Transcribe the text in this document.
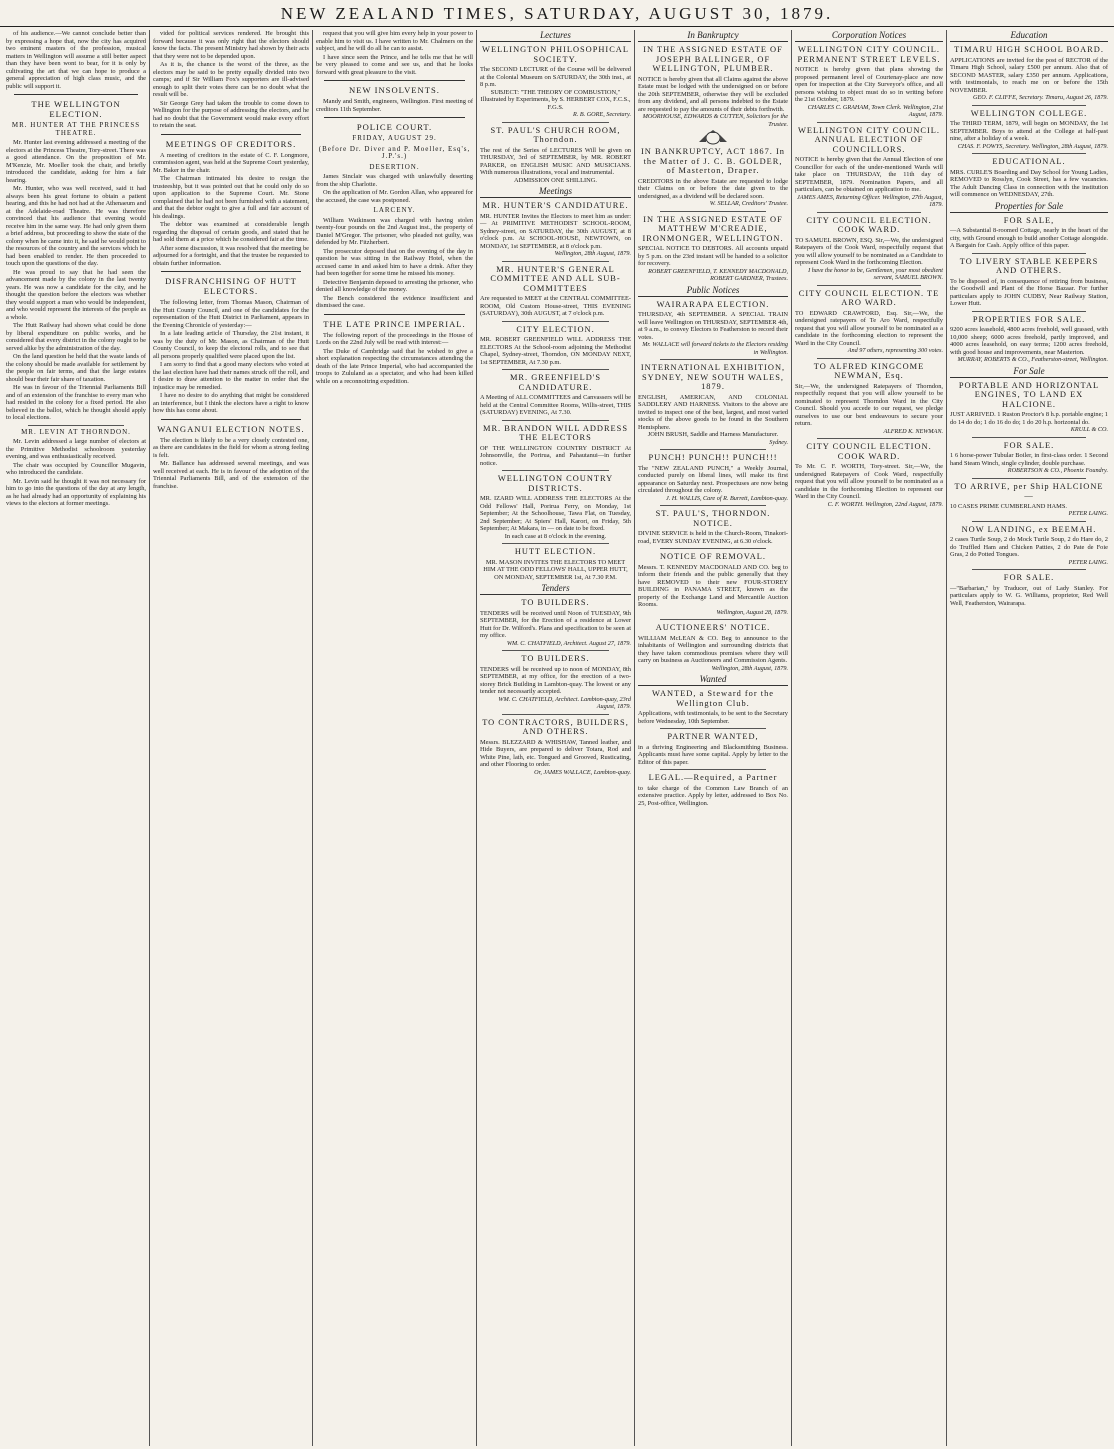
NEW ZEALAND TIMES, SATURDAY, AUGUST 30, 1879.

of his audience.—We cannot conclude better than by expressing a hope that, now the city has acquired two eminent masters of the profession, musical matters in Wellington will assume a still better aspect than they have been wont to bear, for it is only by cultivating the art that we can hope to produce a general appreciation of high class music, and the public will support it.

THE WELLINGTON ELECTION.
MR. HUNTER AT THE PRINCESS THEATRE.

Mr. Hunter last evening addressed a meeting of the electors at the Princess Theatre, Tory-street. There was a good attendance. On the proposition of Mr. M'Kenzie, Mr. Moeller took the chair, and briefly introduced the candidate, asking for him a fair hearing.

Mr. Hunter, who was well received, said it had always been his great fortune to obtain a patient hearing, and this he had not had at the Athenaeum and at the Adelaide-road Theatre. He was therefore convinced that his audience that evening would receive him in the same way. He had only given them a brief address, but proceeding to show the state of the colony when he came into it, he said he would point to the resources of the country and the services which he had been enabled to render. He then proceeded to touch upon the questions of the day.

He was proud to say that he had seen the advancement made by the colony in the last twenty years. He was now a candidate for the city, and he thought the question before the electors was whether they would support a man who would be independent, and who would represent the interests of the people as a whole.

The Hutt Railway had shown what could be done by liberal expenditure on public works, and he considered that every district in the colony ought to be served alike by the administration of the day.

On the land question he held that the waste lands of the colony should be made available for settlement by the people on fair terms, and that the large estates should bear their fair share of taxation.

He was in favour of the Triennial Parliaments Bill and of an extension of the franchise to every man who had resided in the colony for a fixed period. He also believed in the ballot, which he thought should apply to local elections.

MR. LEVIN AT THORNDON.

Mr. Levin addressed a large number of electors at the Primitive Methodist schoolroom yesterday evening, and was enthusiastically received.

The chair was occupied by Councillor Mugavin, who introduced the candidate.

Mr. Levin said he thought it was not necessary for him to go into the questions of the day at any length, as he had already had an opportunity of explaining his views to the electors at former meetings.

vided for political services rendered. He brought this forward because it was only right that the electors should know the facts. The present Ministry had shown by their acts that they were not to be depended upon.

As it is, the chance is the worst of the three, as the electors may be said to be pretty equally divided into two camps; and if Sir William Fox's supporters are ill-advised enough to split their votes there can be no doubt what the result will be.

Sir George Grey had taken the trouble to come down to Wellington for the purpose of addressing the electors, and he had no doubt that the Government would make every effort to retain the seat.

MEETINGS OF CREDITORS.

A meeting of creditors in the estate of C. F. Longmore, commission agent, was held at the Supreme Court yesterday, Mr. Baker in the chair.

The Chairman intimated his desire to resign the trusteeship, but it was pointed out that he could only do so upon application to the Supreme Court. Mr. Stone complained that he had not been furnished with a statement, and that the debtor ought to give a full and fair account of his dealings.

The debtor was examined at considerable length regarding the disposal of certain goods, and stated that he had sold them at a price which he considered fair at the time.

After some discussion, it was resolved that the meeting be adjourned for a fortnight, and that the trustee be requested to obtain further information.

DISFRANCHISING OF HUTT ELECTORS.

The following letter, from Thomas Mason, Chairman of the Hutt County Council, and one of the candidates for the representation of the Hutt District in Parliament, appears in the Evening Chronicle of yesterday:—

In a late leading article of Thursday, the 21st instant, it was by the duty of Mr. Mason, as Chairman of the Hutt County Council, to keep the electoral rolls, and to see that all persons properly qualified were placed upon the list.

I am sorry to find that a good many electors who voted at the last election have had their names struck off the roll, and I desire to draw attention to the matter in order that the injustice may be remedied.

I have no desire to do anything that might be considered an interference, but I think the electors have a right to know how this has come about.

WANGANUI ELECTION NOTES.

The election is likely to be a very closely contested one, as there are candidates in the field for whom a strong feeling is felt.

Mr. Ballance has addressed several meetings, and was well received at each. He is in favour of the adoption of the Triennial Parliaments Bill, and of the extension of the franchise.

request that you will give him every help in your power to enable him to visit us. I have written to Mr. Chalmers on the subject, and he will do all he can to assist.

I have since seen the Prince, and he tells me that he will be very pleased to come and see us, and that he looks forward with great pleasure to the visit.

NEW INSOLVENTS.

Mandy and Smith, engineers, Wellington. First meeting of creditors 11th September.

POLICE COURT.
FRIDAY, AUGUST 29.
(Before Dr. Diver and P. Moeller, Esq's, J.P.'s.)
DESERTION.

James Sinclair was charged with unlawfully deserting from the ship Charlotte.

On the application of Mr. Gordon Allan, who appeared for the accused, the case was postponed.

LARCENY.

William Watkinson was charged with having stolen twenty-four pounds on the 2nd August inst., the property of Daniel M'Gregor. The prisoner, who pleaded not guilty, was defended by Mr. Fitzherbert.

The prosecutor deposed that on the evening of the day in question he was sitting in the Railway Hotel, when the accused came in and asked him to have a drink. After they had been together for some time he missed his money.

Detective Benjamin deposed to arresting the prisoner, who denied all knowledge of the money.

The Bench considered the evidence insufficient and dismissed the case.

THE LATE PRINCE IMPERIAL.

The following report of the proceedings in the House of Lords on the 22nd July will be read with interest:—

The Duke of Cambridge said that he wished to give a short explanation respecting the circumstances attending the death of the late Prince Imperial, who had accompanied the troops to Zululand as a spectator, and who had been killed while on a reconnoitring expedition.

Lectures
WELLINGTON PHILOSOPHICAL SOCIETY.
The SECOND LECTURE of the Course will be delivered at the Colonial Museum on SATURDAY, the 30th inst., at 8 p.m.
SUBJECT: "THE THEORY OF COMBUSTION," Illustrated by Experiments, by S. HERBERT COX, F.C.S., F.G.S.
R. B. GORE, Secretary.
ST. PAUL'S CHURCH ROOM, Thorndon.
The rest of the Series of LECTURES Will be given on THURSDAY, 3rd of SEPTEMBER, by MR. ROBERT PARKER, on ENGLISH MUSIC AND MUSICIANS. With numerous illustrations, vocal and instrumental.
ADMISSION ONE SHILLING.
Meetings
MR. HUNTER'S CANDIDATURE.
MR. HUNTER Invites the Electors to meet him as under:— At PRIMITIVE METHODIST SCHOOL-ROOM, Sydney-street, on SATURDAY, the 30th AUGUST, at 8 o'clock p.m. At SCHOOL-HOUSE, NEWTOWN, on MONDAY, 1st SEPTEMBER, at 8 o'clock p.m.
Wellington, 28th August, 1879.
MR. HUNTER'S GENERAL COMMITTEE AND ALL SUB-COMMITTEES
Are requested to MEET at the CENTRAL COMMITTEE-ROOM, Old Custom House-street, THIS EVENING (SATURDAY), 30th AUGUST, at 7 o'clock p.m.
CITY ELECTION.
MR. ROBERT GREENFIELD WILL ADDRESS THE ELECTORS At the School-room adjoining the Methodist Chapel, Sydney-street, Thorndon, ON MONDAY NEXT, 1st SEPTEMBER, At 7.30 p.m.
MR. GREENFIELD'S CANDIDATURE.
A Meeting of ALL COMMITTEES and Canvassers will be held at the Central Committee Rooms, Willis-street, THIS (SATURDAY) EVENING, At 7.30.
MR. BRANDON WILL ADDRESS THE ELECTORS
OF THE WELLINGTON COUNTRY DISTRICT At Johnsonville, the Porirua, and Pahautanui—in further notice.
WELLINGTON COUNTRY DISTRICTS.
MR. IZARD WILL ADDRESS THE ELECTORS At the Odd Fellows' Hall, Porirua Ferry, on Monday, 1st September; At the Schoolhouse, Tawa Flat, on Tuesday, 2nd September; At Spiers' Hall, Karori, on Friday, 5th September; At Makara, in — on date to be fixed.
In each case at 8 o'clock in the evening.
HUTT ELECTION.
MR. MASON INVITES THE ELECTORS TO MEET HIM AT THE ODD FELLOWS' HALL, UPPER HUTT, ON MONDAY, SEPTEMBER 1st, At 7.30 P.M.
Tenders
TO BUILDERS.
TENDERS will be received until Noon of TUESDAY, 9th SEPTEMBER, for the Erection of a residence at Lower Hutt for Dr. Wilford's. Plans and specification to be seen at my office.
WM. C. CHATFIELD, Architect. August 27, 1879.
TO BUILDERS.
TENDERS will be received up to noon of MONDAY, 8th SEPTEMBER, at my office, for the erection of a two-storey Brick Building in Lambton-quay. The lowest or any tender not necessarily accepted.
WM. C. CHATFIELD, Architect. Lambton-quay, 23rd August, 1879.
TO CONTRACTORS, BUILDERS, AND OTHERS.
Messrs. BLEZZARD & WHISHAW, Tanned leather, and Hide Buyers, are prepared to deliver Totara, Rod and White Pine, lath, etc. Tongued and Grooved, Rusticating, and other Flooring to order.
Or, JAMES WALLACE, Lambton-quay.
In Bankruptcy
IN THE ASSIGNED ESTATE OF JOSEPH BALLINGER, OF WELLINGTON, PLUMBER.
NOTICE is hereby given that all Claims against the above Estate must be lodged with the undersigned on or before the 20th SEPTEMBER, otherwise they will be excluded from any dividend, and all persons indebted to the Estate are requested to pay the amounts of their debts forthwith.
MOORHOUSE, EDWARDS & CUTTEN, Solicitors for the Trustee.
IN BANKRUPTCY, ACT 1867. In the Matter of J. C. B. GOLDER, of Masterton, Draper.
CREDITORS in the above Estate are requested to lodge their Claims on or before the date given to the undersigned, as a dividend will be declared soon.
W. SELLAR, Creditors' Trustee.
IN THE ASSIGNED ESTATE OF MATTHEW M'CREADIE, IRONMONGER, WELLINGTON.
SPECIAL NOTICE TO DEBTORS. All accounts unpaid by 5 p.m. on the 23rd instant will be handed to a solicitor for recovery.
ROBERT GREENFIELD, T. KENNEDY MACDONALD, ROBERT GARDNER, Trustees.
Public Notices
WAIRARAPA ELECTION.
THURSDAY, 4th SEPTEMBER. A SPECIAL TRAIN will leave Wellington on THURSDAY, SEPTEMBER 4th, at 9 a.m., to convey Electors to Featherston to record their votes.
Mr. WALLACE will forward tickets to the Electors residing in Wellington.
INTERNATIONAL EXHIBITION, SYDNEY, NEW SOUTH WALES, 1879.
ENGLISH, AMERICAN, AND COLONIAL SADDLERY AND HARNESS. Visitors to the above are invited to inspect one of the best, largest, and most varied stocks of the above goods to be found in the Southern Hemisphere.
JOHN BRUSH, Saddle and Harness Manufacturer.
Sydney.
PUNCH! PUNCH!! PUNCH!!!
The "NEW ZEALAND PUNCH," a Weekly Journal, conducted purely on liberal lines, will make its first appearance on Saturday next. Prospectuses are now being circulated throughout the colony.
J. H. WALLIS, Care of R. Burrett, Lambton-quay.
ST. PAUL'S, THORNDON. NOTICE.
DIVINE SERVICE is held in the Church-Room, Tinakori-road, EVERY SUNDAY EVENING, at 6.30 o'clock.
NOTICE OF REMOVAL.
Messrs. T. KENNEDY MACDONALD AND CO. beg to inform their friends and the public generally that they have REMOVED to their new FOUR-STOREY BUILDING in PANAMA STREET, known as the property of the Exchange Land and Mercantile Auction Rooms.
Wellington, August 28, 1879.
AUCTIONEERS' NOTICE.
WILLIAM McLEAN & CO. Beg to announce to the inhabitants of Wellington and surrounding districts that they have taken commodious premises where they will carry on business as Auctioneers and Commission Agents.
Wellington, 28th August, 1879.
Wanted
WANTED, a Steward for the Wellington Club.
Applications, with testimonials, to be sent to the Secretary before Wednesday, 10th September.
PARTNER WANTED,
in a thriving Engineering and Blacksmithing Business. Applicants must have some capital. Apply by letter to the Editor of this paper.
LEGAL.—Required, a Partner
to take charge of the Common Law Branch of an extensive practice. Apply by letter, addressed to Box No. 25, Post-office, Wellington.
Corporation Notices
WELLINGTON CITY COUNCIL. PERMANENT STREET LEVELS.
NOTICE is hereby given that plans showing the proposed permanent level of Courtenay-place are now open for inspection at the City Surveyor's office, and all persons wishing to object must do so in writing before the 21st October, 1879.
CHARLES C. GRAHAM, Town Clerk. Wellington, 21st August, 1879.
WELLINGTON CITY COUNCIL. ANNUAL ELECTION OF COUNCILLORS.
NOTICE is hereby given that the Annual Election of one Councillor for each of the under-mentioned Wards will take place on THURSDAY, the 11th day of SEPTEMBER, 1879. Nomination Papers, and all particulars, can be obtained on application to me.
JAMES AMES, Returning Officer. Wellington, 27th August, 1879.
CITY COUNCIL ELECTION. COOK WARD.
TO SAMUEL BROWN, ESQ. Sir,—We, the undersigned Ratepayers of the Cook Ward, respectfully request that you will allow yourself to be nominated as a Candidate to represent Cook Ward in the forthcoming Election.
I have the honor to be, Gentlemen, your most obedient servant, SAMUEL BROWN.
CITY COUNCIL ELECTION. TE ARO WARD.
TO EDWARD CRAWFORD, Esq. Sir,—We, the undersigned ratepayers of Te Aro Ward, respectfully request that you will allow yourself to be nominated as a candidate in the forthcoming election to represent the Ward in the City Council.
And 97 others, representing 300 votes.
TO ALFRED KINGCOME NEWMAN, Esq.
Sir,—We, the undersigned Ratepayers of Thorndon, respectfully request that you will allow yourself to be nominated to represent Thorndon Ward in the City Council. Should you accede to our request, we pledge ourselves to use our best endeavours to secure your return.
ALFRED K. NEWMAN.
CITY COUNCIL ELECTION. COOK WARD.
To Mr. C. F. WORTH, Tory-street. Sir,—We, the undersigned Ratepayers of Cook Ward, respectfully request that you will allow yourself to be nominated as a candidate in the forthcoming Election to represent our Ward in the City Council.
C. F. WORTH. Wellington, 22nd August, 1879.
Education
TIMARU HIGH SCHOOL BOARD.
APPLICATIONS are invited for the post of RECTOR of the Timaru High School, salary £500 per annum. Also that of SECOND MASTER, salary £350 per annum. Applications, with testimonials, to reach me on or before the 15th NOVEMBER.
GEO. F. CLIFFE, Secretary. Timaru, August 26, 1879.
WELLINGTON COLLEGE.
The THIRD TERM, 1879, will begin on MONDAY, the 1st SEPTEMBER. Boys to attend at the College at half-past nine, after a holiday of a week.
CHAS. F. POWYS, Secretary. Wellington, 28th August, 1879.
EDUCATIONAL.
MRS. CURLE'S Boarding and Day School for Young Ladies, REMOVED to Rosslyn, Cook Street, has a few vacancies. The Adult Dancing Class in connection with the institution will commence on WEDNESDAY, 27th.
Properties for Sale
FOR SALE,
—A Substantial 8-roomed Cottage, nearly in the heart of the city, with Ground enough to build another Cottage alongside. A Bargain for Cash. Apply office of this paper.
TO LIVERY STABLE KEEPERS AND OTHERS.
To be disposed of, in consequence of retiring from business, the Goodwill and Plant of the Horse Bazaar. For further particulars apply to JOHN CUDBY, Near Railway Station, Lower Hutt.
PROPERTIES FOR SALE.
9200 acres leasehold, 4800 acres freehold, well grassed, with 10,000 sheep; 6000 acres freehold, partly improved, and 4000 acres leasehold, on easy terms; 1200 acres freehold, with good house and improvements, near Masterton.
MURRAY, ROBERTS & CO., Featherston-street, Wellington.
For Sale
PORTABLE AND HORIZONTAL ENGINES, TO LAND EX HALCIONE.
JUST ARRIVED. 1 Ruston Proctor's 8 h.p. portable engine; 1 do 14 do do; 1 do 16 do do; 1 do 20 h.p. horizontal do.
KRULL & CO.
FOR SALE.
1 6 horse-power Tubular Boiler, in first-class order. 1 Second hand Steam Winch, single cylinder, double purchase.
ROBERTSON & CO., Phoenix Foundry.
TO ARRIVE, per Ship HALCIONE—
10 CASES PRIME CUMBERLAND HAMS.
PETER LAING.
NOW LANDING, ex BEEMAH.
2 cases Turtle Soup, 2 do Mock Turtle Soup, 2 do Hare do, 2 do Truffled Ham and Chicken Patties, 2 do Pate de Foie Gras, 2 do Potted Tongues.
PETER LAING.
FOR SALE.
—"Barbarian," by Traducer, out of Lady Stanley. For particulars apply to W. G. Williams, proprietor, Red Well Well, Featherston, Wairarapa.
